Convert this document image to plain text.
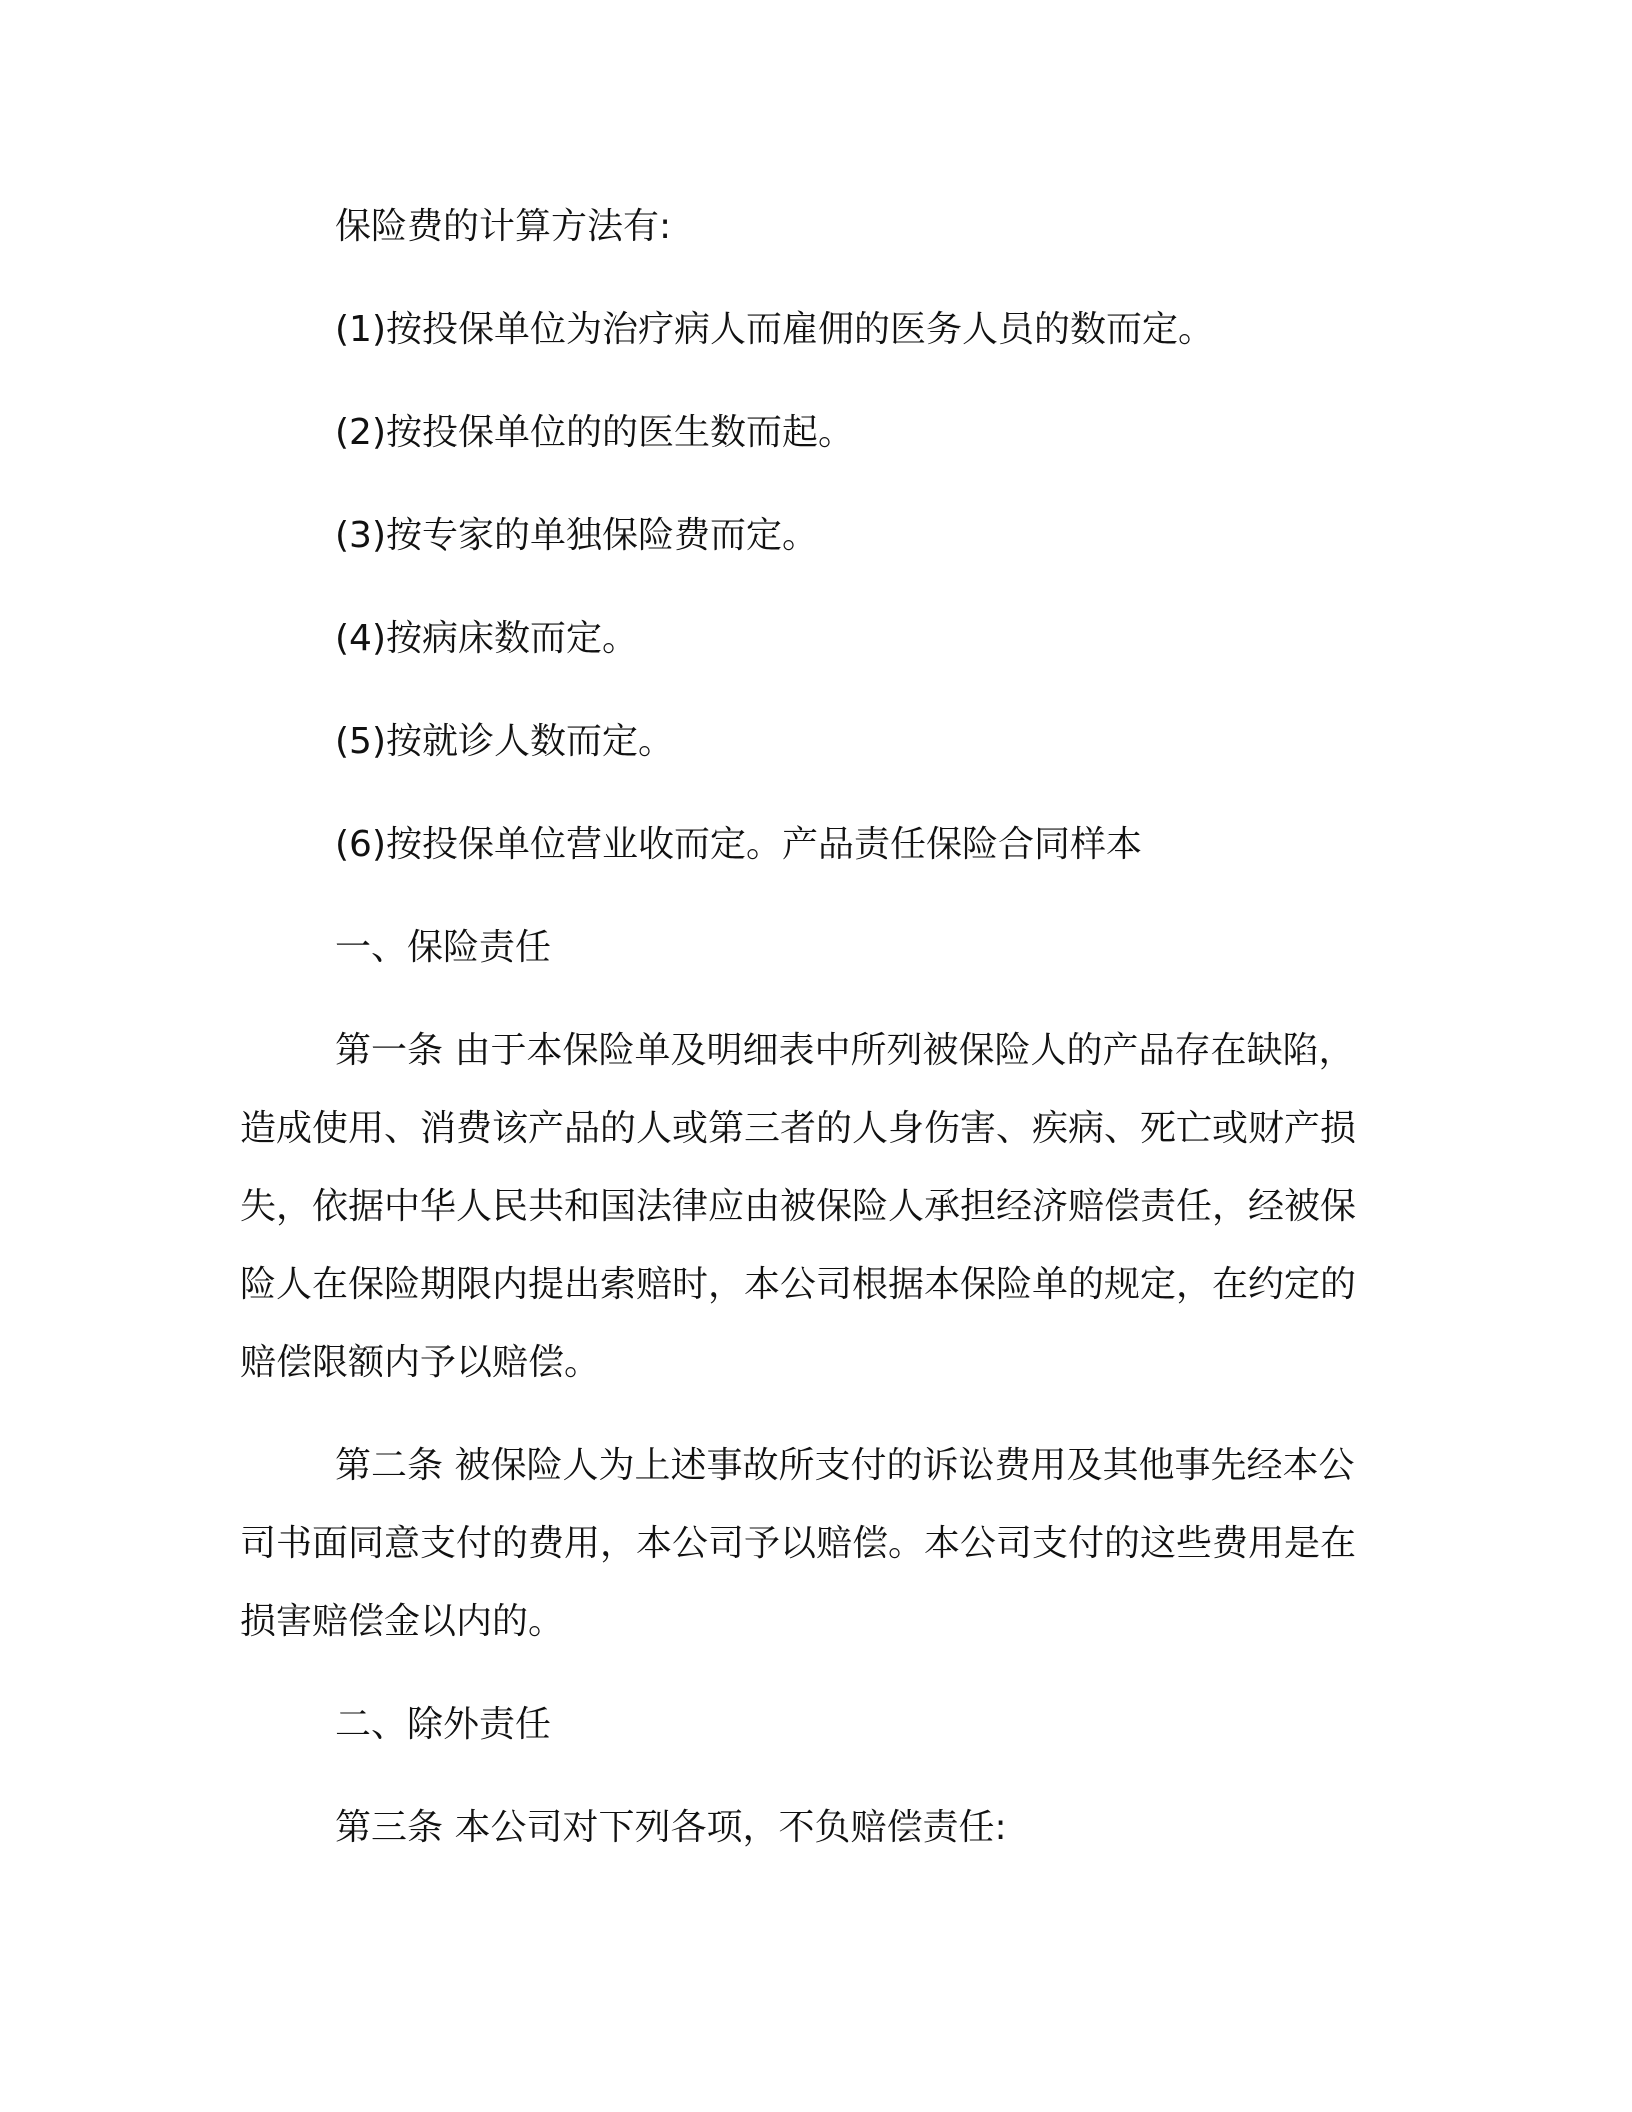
保险费的计算方法有:

(1)按投保单位为治疗病人而雇佣的医务人员的数而定。

(2)按投保单位的的医生数而起。

(3)按专家的单独保险费而定。

(4)按病床数而定。

(5)按就诊人数而定。

(6)按投保单位营业收而定。产品责任保险合同样本

一、保险责任

第一条 由于本保险单及明细表中所列被保险人的产品存在缺陷，造成使用、消费该产品的人或第三者的人身伤害、疾病、死亡或财产损失，依据中华人民共和国法律应由被保险人承担经济赔偿责任，经被保险人在保险期限内提出索赔时，本公司根据本保险单的规定，在约定的赔偿限额内予以赔偿。

第二条 被保险人为上述事故所支付的诉讼费用及其他事先经本公司书面同意支付的费用，本公司予以赔偿。本公司支付的这些费用是在损害赔偿金以内的。

二、除外责任

第三条 本公司对下列各项，不负赔偿责任:
